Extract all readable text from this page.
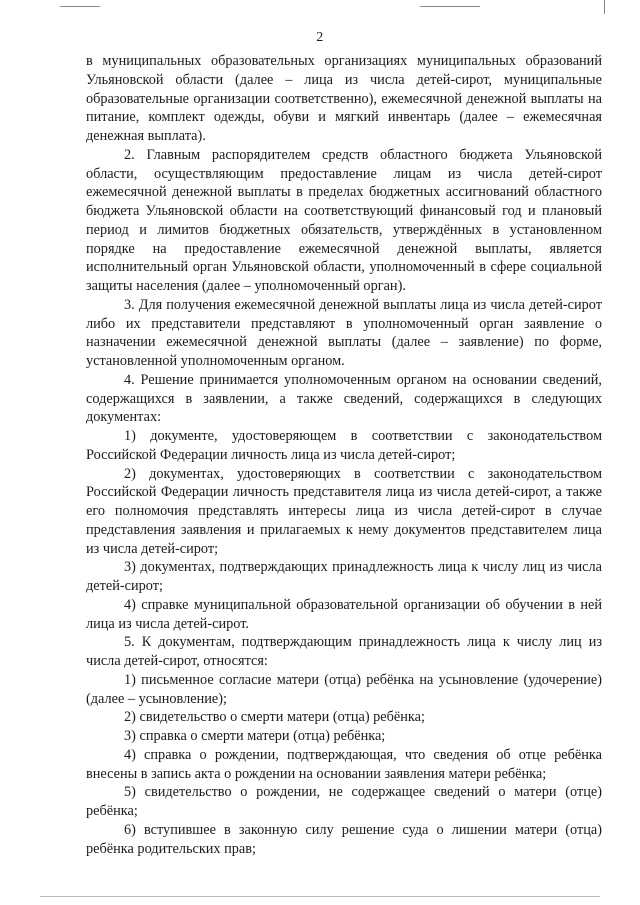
2

в муниципальных образовательных организациях муниципальных образований Ульяновской области (далее – лица из числа детей-сирот, муниципальные образовательные организации соответственно), ежемесячной денежной выплаты на питание, комплект одежды, обуви и мягкий инвентарь (далее – ежемесячная денежная выплата).

2. Главным распорядителем средств областного бюджета Ульяновской области, осуществляющим предоставление лицам из числа детей-сирот ежемесячной денежной выплаты в пределах бюджетных ассигнований областного бюджета Ульяновской области на соответствующий финансовый год и плановый период и лимитов бюджетных обязательств, утверждённых в установленном порядке на предоставление ежемесячной денежной выплаты, является исполнительный орган Ульяновской области, уполномоченный в сфере социальной защиты населения (далее – уполномоченный орган).

3. Для получения ежемесячной денежной выплаты лица из числа детей-сирот либо их представители представляют в уполномоченный орган заявление о назначении ежемесячной денежной выплаты (далее – заявление) по форме, установленной уполномоченным органом.

4. Решение принимается уполномоченным органом на основании сведений, содержащихся в заявлении, а также сведений, содержащихся в следующих документах:

1) документе, удостоверяющем в соответствии с законодательством Российской Федерации личность лица из числа детей-сирот;

2) документах, удостоверяющих в соответствии с законодательством Российской Федерации личность представителя лица из числа детей-сирот, а также его полномочия представлять интересы лица из числа детей-сирот в случае представления заявления и прилагаемых к нему документов представителем лица из числа детей-сирот;

3) документах, подтверждающих принадлежность лица к числу лиц из числа детей-сирот;

4) справке муниципальной образовательной организации об обучении в ней лица из числа детей-сирот.

5. К документам, подтверждающим принадлежность лица к числу лиц из числа детей-сирот, относятся:

1) письменное согласие матери (отца) ребёнка на усыновление (удочерение) (далее – усыновление);

2) свидетельство о смерти матери (отца) ребёнка;

3) справка о смерти матери (отца) ребёнка;

4) справка о рождении, подтверждающая, что сведения об отце ребёнка внесены в запись акта о рождении на основании заявления матери ребёнка;

5) свидетельство о рождении, не содержащее сведений о матери (отце) ребёнка;

6) вступившее в законную силу решение суда о лишении матери (отца) ребёнка родительских прав;
